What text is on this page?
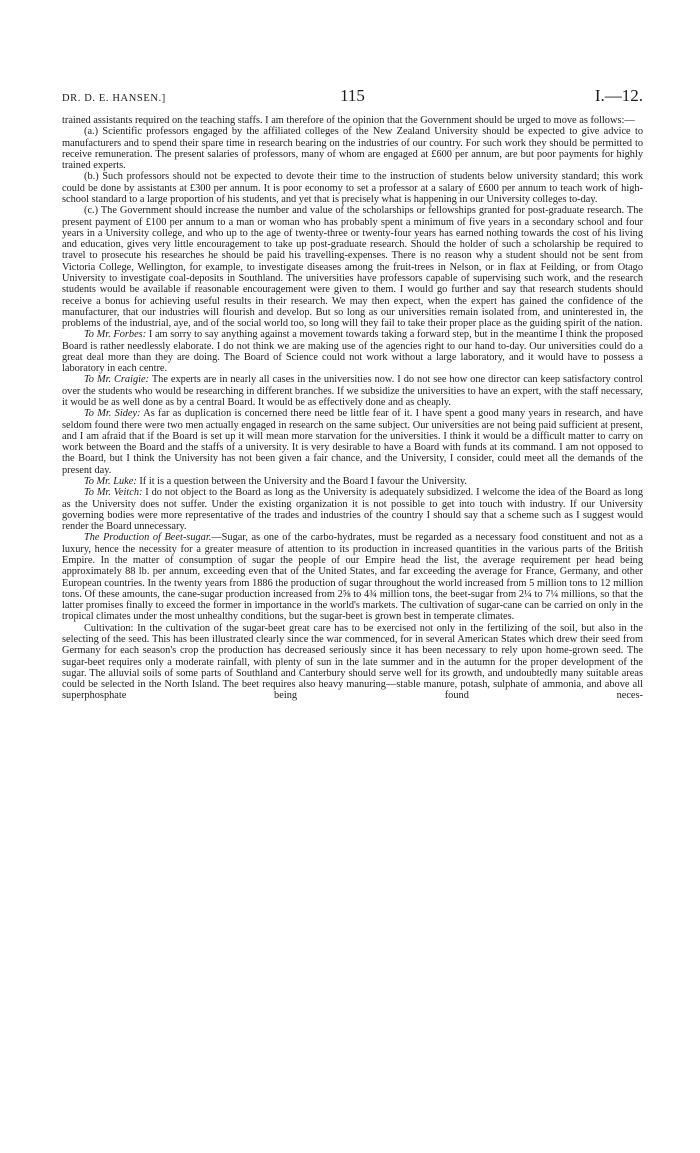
DR. D. E. HANSEN.]	115	I.—12.

trained assistants required on the teaching staffs. I am therefore of the opinion that the Government should be urged to move as follows:—

(a.) Scientific professors engaged by the affiliated colleges of the New Zealand University should be expected to give advice to manufacturers and to spend their spare time in research bearing on the industries of our country. For such work they should be permitted to receive remuneration. The present salaries of professors, many of whom are engaged at £600 per annum, are but poor payments for highly trained experts.

(b.) Such professors should not be expected to devote their time to the instruction of students below university standard; this work could be done by assistants at £300 per annum. It is poor economy to set a professor at a salary of £600 per annum to teach work of high-school standard to a large proportion of his students, and yet that is precisely what is happening in our University colleges to-day.

(c.) The Government should increase the number and value of the scholarships or fellowships granted for post-graduate research. The present payment of £100 per annum to a man or woman who has probably spent a minimum of five years in a secondary school and four years in a University college, and who up to the age of twenty-three or twenty-four years has earned nothing towards the cost of his living and education, gives very little encouragement to take up post-graduate research. Should the holder of such a scholarship be required to travel to prosecute his researches he should be paid his travelling-expenses. There is no reason why a student should not be sent from Victoria College, Wellington, for example, to investigate diseases among the fruit-trees in Nelson, or in flax at Feilding, or from Otago University to investigate coal-deposits in Southland. The universities have professors capable of supervising such work, and the research students would be available if reasonable encouragement were given to them. I would go further and say that research students should receive a bonus for achieving useful results in their research. We may then expect, when the expert has gained the confidence of the manufacturer, that our industries will flourish and develop. But so long as our universities remain isolated from, and uninterested in, the problems of the industrial, aye, and of the social world too, so long will they fail to take their proper place as the guiding spirit of the nation.

To Mr. Forbes: I am sorry to say anything against a movement towards taking a forward step, but in the meantime I think the proposed Board is rather needlessly elaborate. I do not think we are making use of the agencies right to our hand to-day. Our universities could do a great deal more than they are doing. The Board of Science could not work without a large laboratory, and it would have to possess a laboratory in each centre.

To Mr. Craigie: The experts are in nearly all cases in the universities now. I do not see how one director can keep satisfactory control over the students who would be researching in different branches. If we subsidize the universities to have an expert, with the staff necessary, it would be as well done as by a central Board. It would be as effectively done and as cheaply.

To Mr. Sidey: As far as duplication is concerned there need be little fear of it. I have spent a good many years in research, and have seldom found there were two men actually engaged in research on the same subject. Our universities are not being paid sufficient at present, and I am afraid that if the Board is set up it will mean more starvation for the universities. I think it would be a difficult matter to carry on work between the Board and the staffs of a university. It is very desirable to have a Board with funds at its command. I am not opposed to the Board, but I think the University has not been given a fair chance, and the University, I consider, could meet all the demands of the present day.

To Mr. Luke: If it is a question between the University and the Board I favour the University.

To Mr. Veitch: I do not object to the Board as long as the University is adequately subsidized. I welcome the idea of the Board as long as the University does not suffer. Under the existing organization it is not possible to get into touch with industry. If our University governing bodies were more representative of the trades and industries of the country I should say that a scheme such as I suggest would render the Board unnecessary.

The Production of Beet-sugar.—Sugar, as one of the carbo-hydrates, must be regarded as a necessary food constituent and not as a luxury, hence the necessity for a greater measure of attention to its production in increased quantities in the various parts of the British Empire. In the matter of consumption of sugar the people of our Empire head the list, the average requirement per head being approximately 88 lb. per annum, exceeding even that of the United States, and far exceeding the average for France, Germany, and other European countries. In the twenty years from 1886 the production of sugar throughout the world increased from 5 million tons to 12 million tons. Of these amounts, the cane-sugar production increased from 2⅝ to 4¾ million tons, the beet-sugar from 2¼ to 7¼ millions, so that the latter promises finally to exceed the former in importance in the world's markets. The cultivation of sugar-cane can be carried on only in the tropical climates under the most unhealthy conditions, but the sugar-beet is grown best in temperate climates.

Cultivation: In the cultivation of the sugar-beet great care has to be exercised not only in the fertilizing of the soil, but also in the selecting of the seed. This has been illustrated clearly since the war commenced, for in several American States which drew their seed from Germany for each season's crop the production has decreased seriously since it has been necessary to rely upon home-grown seed. The sugar-beet requires only a moderate rainfall, with plenty of sun in the late summer and in the autumn for the proper development of the sugar. The alluvial soils of some parts of Southland and Canterbury should serve well for its growth, and undoubtedly many suitable areas could be selected in the North Island. The beet requires also heavy manuring—stable manure, potash, sulphate of ammonia, and above all superphosphate being found neces-
